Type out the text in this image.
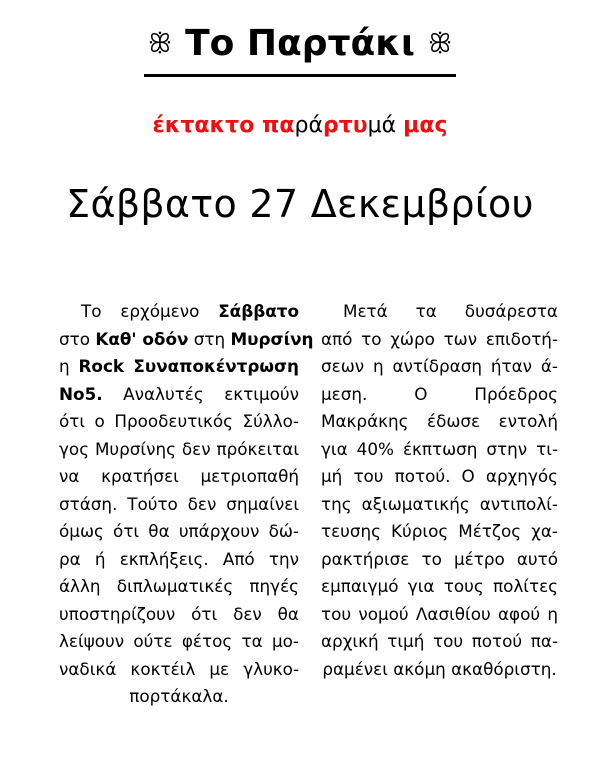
ꕥ Το Παρτάκι ꕥ
έκτακτο παράρτυμά μας
Σάββατο 27 Δεκεμβρίου
Το ερχόμενο Σάββατο
στο Καθ' οδόν στη Μυρσίνη
η Rock Συναποκέντρωση
No5. Αναλυτές εκτιμούν
ότι ο Προοδευτικός Σύλλο-
γος Μυρσίνης δεν πρόκειται
να κρατήσει μετριοπαθή
στάση. Τούτο δεν σημαίνει
όμως ότι θα υπάρχουν δώ-
ρα ή εκπλήξεις. Από την
άλλη διπλωματικές πηγές
υποστηρίζουν ότι δεν θα
λείψουν ούτε φέτος τα μο-
ναδικά κοκτέιλ με γλυκο-
πορτάκαλα.
Μετά τα δυσάρεστα
από το χώρο των επιδοτή-
σεων η αντίδραση ήταν ά-
μεση. Ο Πρόεδρος
Μακράκης έδωσε εντολή
για 40% έκπτωση στην τι-
μή του ποτού. Ο αρχηγός
της αξιωματικής αντιπολί-
τευσης Κύριος Μέτζος χα-
ρακτήρισε το μέτρο αυτό
εμπαιγμό για τους πολίτες
του νομού Λασιθίου αφού η
αρχική τιμή του ποτού πα-
ραμένει ακόμη ακαθόριστη.
